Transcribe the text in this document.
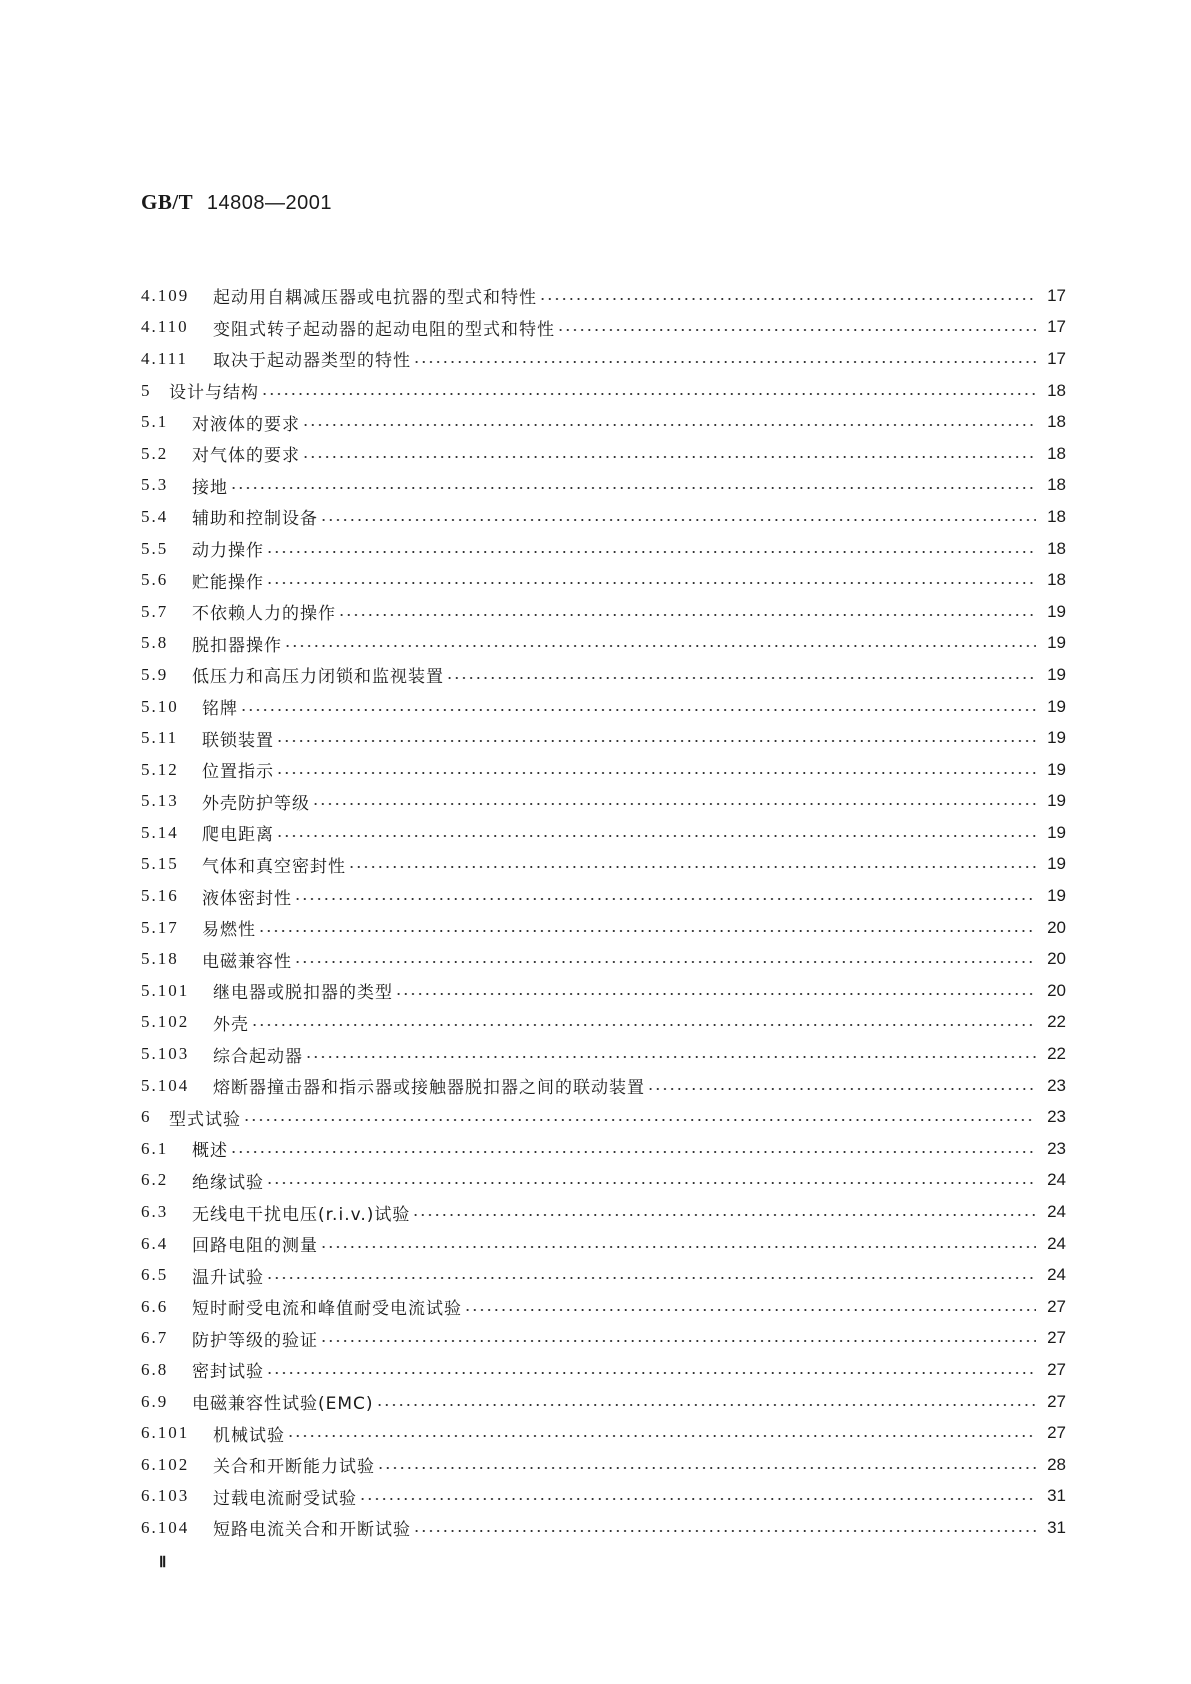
GB/T 14808—2001
4.109	起动用自耦减压器或电抗器的型式和特性	17
4.110	变阻式转子起动器的起动电阻的型式和特性	17
4.111	取决于起动器类型的特性	17
5	设计与结构	18
5.1	对液体的要求	18
5.2	对气体的要求	18
5.3	接地	18
5.4	辅助和控制设备	18
5.5	动力操作	18
5.6	贮能操作	18
5.7	不依赖人力的操作	19
5.8	脱扣器操作	19
5.9	低压力和高压力闭锁和监视装置	19
5.10	铭牌	19
5.11	联锁装置	19
5.12	位置指示	19
5.13	外壳防护等级	19
5.14	爬电距离	19
5.15	气体和真空密封性	19
5.16	液体密封性	19
5.17	易燃性	20
5.18	电磁兼容性	20
5.101	继电器或脱扣器的类型	20
5.102	外壳	22
5.103	综合起动器	22
5.104	熔断器撞击器和指示器或接触器脱扣器之间的联动装置	23
6	型式试验	23
6.1	概述	23
6.2	绝缘试验	24
6.3	无线电干扰电压(r.i.v.)试验	24
6.4	回路电阻的测量	24
6.5	温升试验	24
6.6	短时耐受电流和峰值耐受电流试验	27
6.7	防护等级的验证	27
6.8	密封试验	27
6.9	电磁兼容性试验(EMC)	27
6.101	机械试验	27
6.102	关合和开断能力试验	28
6.103	过载电流耐受试验	31
6.104	短路电流关合和开断试验	31
Ⅱ
